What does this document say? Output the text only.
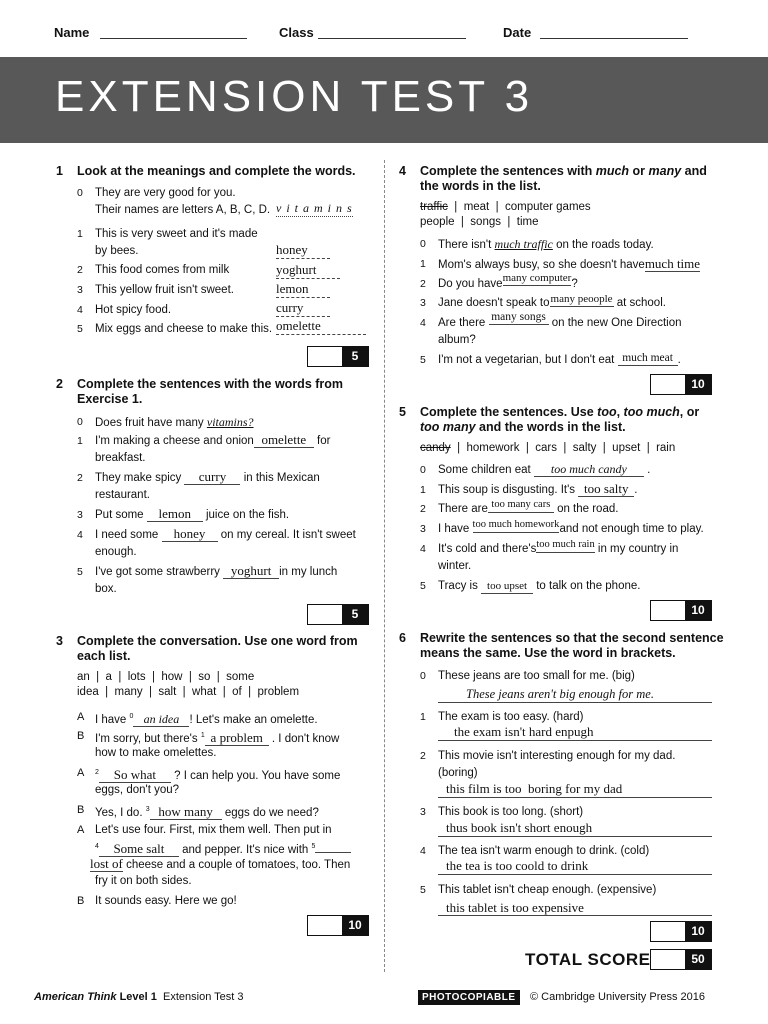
Name	Class	Date
EXTENSION TEST 3
1 Look at the meanings and complete the words.
0 They are very good for you.
Their names are letters A, B, C, D. v i t a m i n s
1 This is very sweet and it's made
by bees.	honey
2 This food comes from milk	yoghurt
3 This yellow fruit isn't sweet.	lemon
4 Hot spicy food.	curry
5 Mix eggs and cheese to make this. omelette
5
2 Complete the sentences with the words from
Exercise 1.
0 Does fruit have many vitamins?
1 I'm making a cheese and onion omelette for
breakfast.
2 They make spicy curry in this Mexican
restaurant.
3 Put some lemon juice on the fish.
4 I need some honey on my cereal. It isn't sweet
enough.
5 I've got some strawberry yoghurt in my lunch
box.
5
3 Complete the conversation. Use one word from
each list.
an  |  a  |  lots  |  how  |  so  |  some
idea  |  many  |  salt  |  what  |  of  |  problem
A I have $^0$ an idea ! Let's make an omelette.
B I'm sorry, but there's $^1$ a problem . I don't know
how to make omelettes.
A $^2$ So what ? I can help you. You have some
eggs, don't you?
B Yes, I do. $^3$ how many eggs do we need?
A Let's use four. First, mix them well. Then put in
$^4$ Some salt and pepper. It's nice with $^5$
lost of cheese and a couple of tomatoes, too. Then
fry it on both sides.
B It sounds easy. Here we go!
10
4 Complete the sentences with much or many and
the words in the list.
traffic  |  meat  |  computer games
people  |  songs  |  time
0 There isn't much traffic on the roads today.
1 Mom's always busy, so she doesn't havemuch time
2 Do you havemany computer?
3 Jane doesn't speak tomany peoople at school.
4 Are there many songs on the new One Direction
album?
5 I'm not a vegetarian, but I don't eat much meat .
10
5 Complete the sentences. Use too, too much, or
too many and the words in the list.
candy  |  homework  |  cars  |  salty  |  upset  |  rain
0 Some children eat too much candy .
1 This soup is disgusting. It's too salty .
2 There are too many cars on the road.
3 I have too much homeworkand not enough time to play.
4 It's cold and there'stoo much rain in my country in
winter.
5 Tracy is too upset to talk on the phone.
10
6 Rewrite the sentences so that the second sentence
means the same. Use the word in brackets.
0 These jeans are too small for me. (big)
These jeans aren't big enough for me.
1 The exam is too easy. (hard)
the exam isn't hard enpugh
2 This movie isn't interesting enough for my dad.
(boring)
this film is too  boring for my dad
3 This book is too long. (short)
thus book isn't short enough
4 The tea isn't warm enough to drink. (cold)
the tea is too coold to drink
5 This tablet isn't cheap enough. (expensive)
this tablet is too expensive
10
TOTAL SCORE	50
American Think Level 1  Extension Test 3	PHOTOCOPIABLE	© Cambridge University Press 2016
